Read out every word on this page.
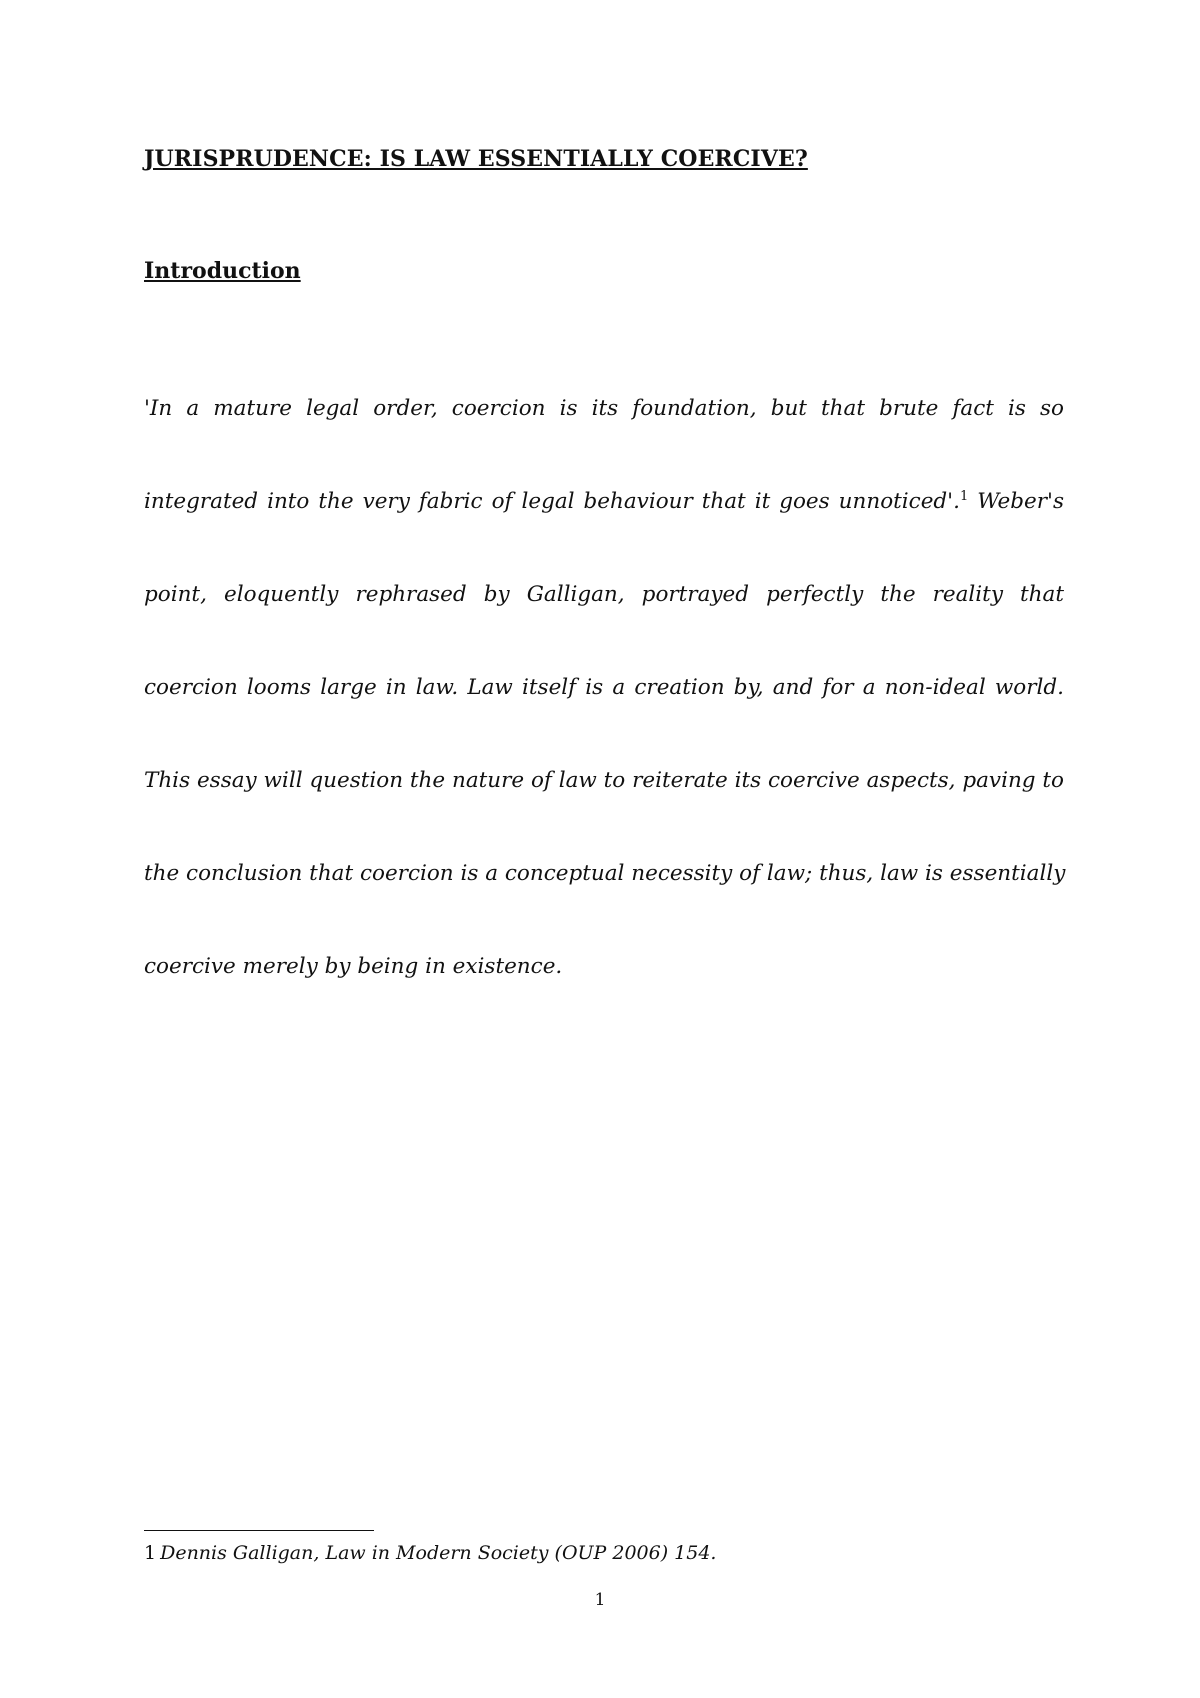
JURISPRUDENCE: IS LAW ESSENTIALLY COERCIVE?
Introduction
'In a mature legal order, coercion is its foundation, but that brute fact is so
integrated into the very fabric of legal behaviour that it goes unnoticed'.$^1$ Weber's
point, eloquently rephrased by Galligan, portrayed perfectly the reality that
coercion looms large in law. Law itself is a creation by, and for a non-ideal world.
This essay will question the nature of law to reiterate its coercive aspects, paving to
the conclusion that coercion is a conceptual necessity of law; thus, law is essentially
coercive merely by being in existence.

1 Dennis Galligan, Law in Modern Society (OUP 2006) 154.

1
